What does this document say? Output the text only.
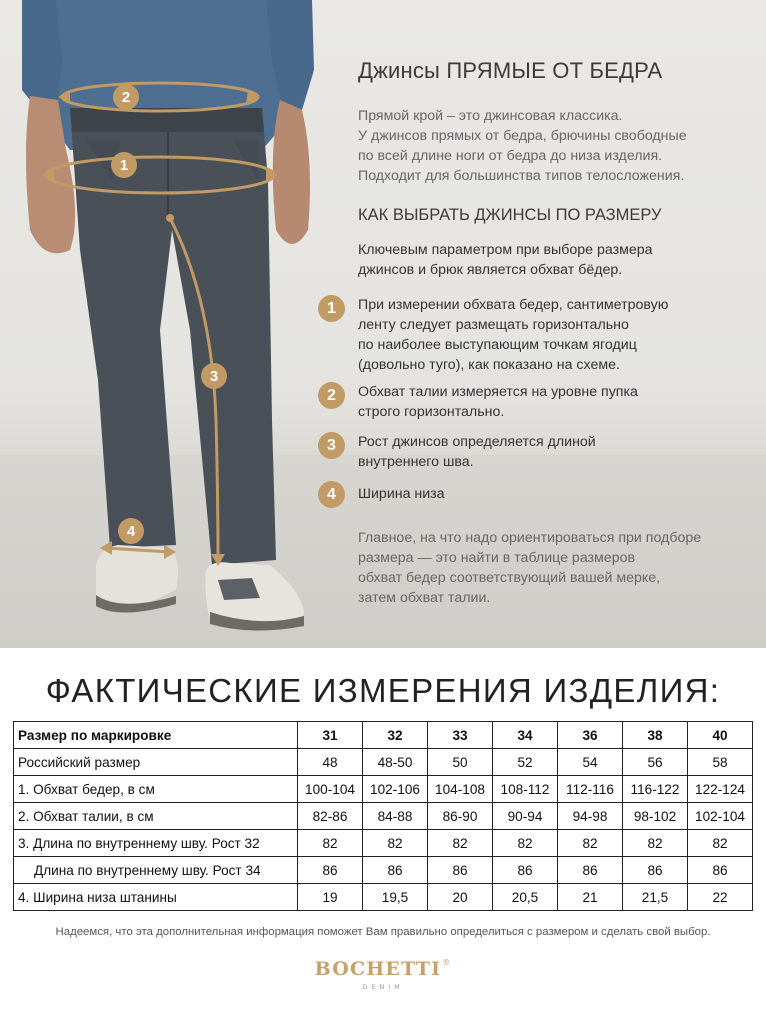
2
1
3
4
Джинсы ПРЯМЫЕ ОТ БЕДРА
Прямой крой – это джинсовая классика.
У джинсов прямых от бедра, брючины свободные
по всей длине ноги от бедра до низа изделия.
Подходит для большинства типов телосложения.
КАК ВЫБРАТЬ ДЖИНСЫ ПО РАЗМЕРУ
Ключевым параметром при выборе размера
джинсов и брюк является обхват бёдер.
1	При измерении обхвата бедер, сантиметровую
ленту следует размещать горизонтально
по наиболее выступающим точкам ягодиц
(довольно туго), как показано на схеме.
2	Обхват талии измеряется на уровне пупка
строго горизонтально.
3	Рост джинсов определяется длиной
внутреннего шва.
4	Ширина низа
Главное, на что надо ориентироваться при подборе
размера — это найти в таблице размеров
обхват бедер соответствующий вашей мерке,
затем обхват талии.
ФАКТИЧЕСКИЕ ИЗМЕРЕНИЯ ИЗДЕЛИЯ:
Размер по маркировке	31	32	33	34	36	38	40
Российский размер	48	48-50	50	52	54	56	58
1. Обхват бедер, в см	100-104	102-106	104-108	108-112	112-116	116-122	122-124
2. Обхват талии, в см	82-86	84-88	86-90	90-94	94-98	98-102	102-104
3. Длина по внутреннему шву. Рост 32	82	82	82	82	82	82	82
Длина по внутреннему шву. Рост 34	86	86	86	86	86	86	86
4. Ширина низа штанины	19	19,5	20	20,5	21	21,5	22
Надеемся, что эта дополнительная информация поможет Вам правильно определиться с размером и сделать свой выбор.
BOCHETTI®
DENIM
